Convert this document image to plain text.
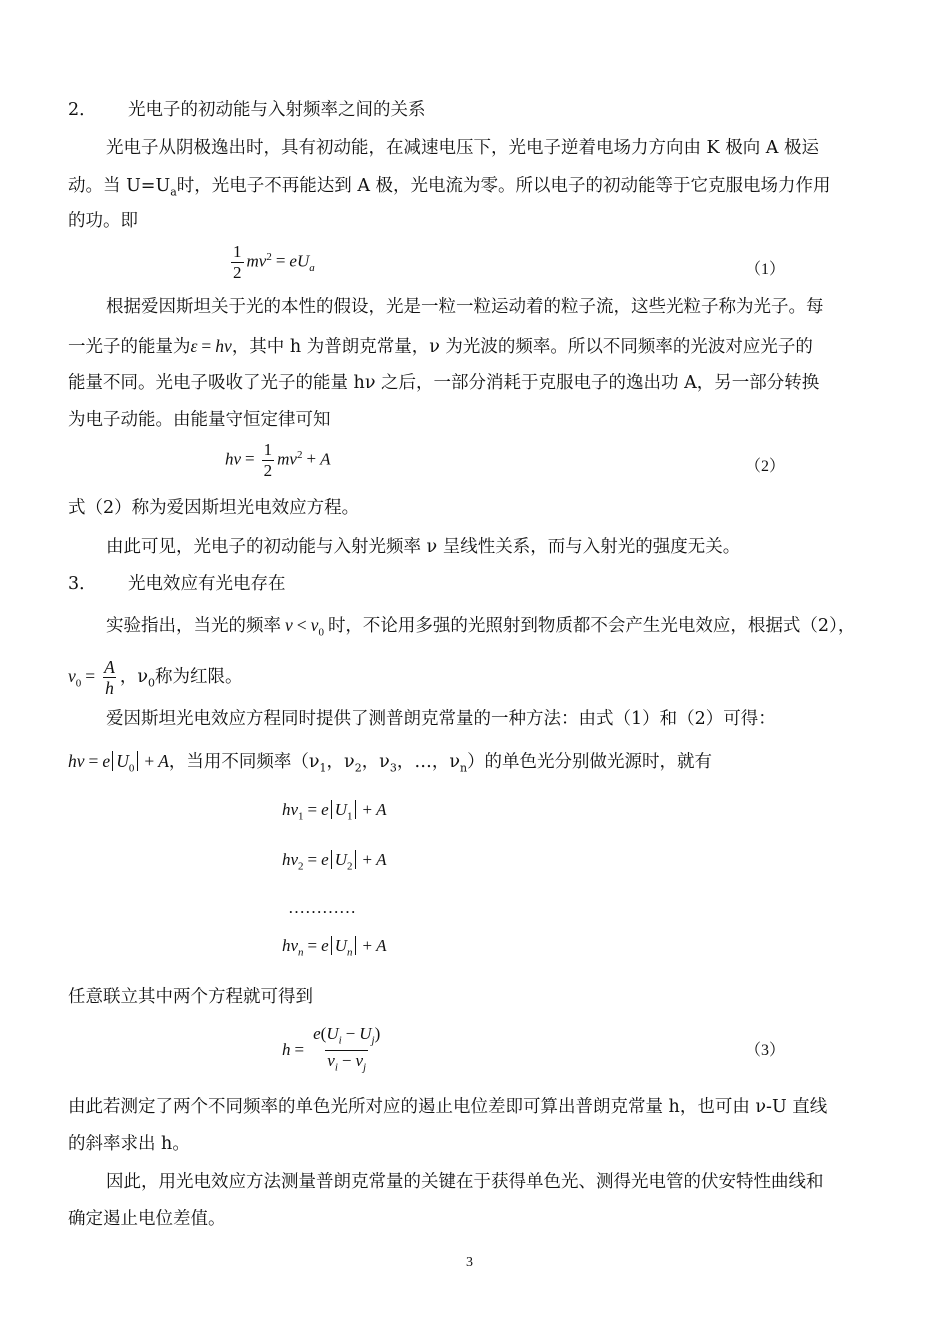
2． 光电子的初动能与入射频率之间的关系
光电子从阴极逸出时，具有初动能，在减速电压下，光电子逆着电场力方向由 K 极向 A 极运
动。当 $U=U_a$时，光电子不再能达到 A 极，光电流为零。所以电子的初动能等于它克服电场力作用
的功。即
$\frac{1}{2} mv^2 = eU_a$	（1）
根据爱因斯坦关于光的本性的假设，光是一粒一粒运动着的粒子流，这些光粒子称为光子。每
一光子的能量为ε = hv，其中 h 为普朗克常量，ν 为光波的频率。所以不同频率的光波对应光子的
能量不同。光电子吸收了光子的能量 hν 之后，一部分消耗于克服电子的逸出功 A，另一部分转换
为电子动能。由能量守恒定律可知
hv = $\frac{1}{2} mv^2 + A$	（2）
式（2）称为爱因斯坦光电效应方程。
由此可见，光电子的初动能与入射光频率 ν 呈线性关系，而与入射光的强度无关。
3． 光电效应有光电存在
实验指出，当光的频率 $v < v_0$ 时，不论用多强的光照射到物质都不会产生光电效应，根据式（2），
$v_0 = \frac{A}{h}$ ，$\nu_0$称为红限。
爱因斯坦光电效应方程同时提供了测普朗克常量的一种方法：由式（1）和（2）可得：
hv = e $U_0 + A$，当用不同频率（$\nu_1$，$\nu_2$，$\nu_3$，…，$\nu_n$）的单色光分别做光源时，就有
$hv_1 = e$ $U_1 + A$
$hv_2 = e$ $U_2 + A$
…………
$hv_n = e$ $U_n + A$
任意联立其中两个方程就可得到
$h = \frac{e(U_i - U_j)}{v_i - v_j}$	（3）
由此若测定了两个不同频率的单色光所对应的遏止电位差即可算出普朗克常量 h，也可由 ν-U 直线
的斜率求出 h。
因此，用光电效应方法测量普朗克常量的关键在于获得单色光、测得光电管的伏安特性曲线和
确定遏止电位差值。
3
